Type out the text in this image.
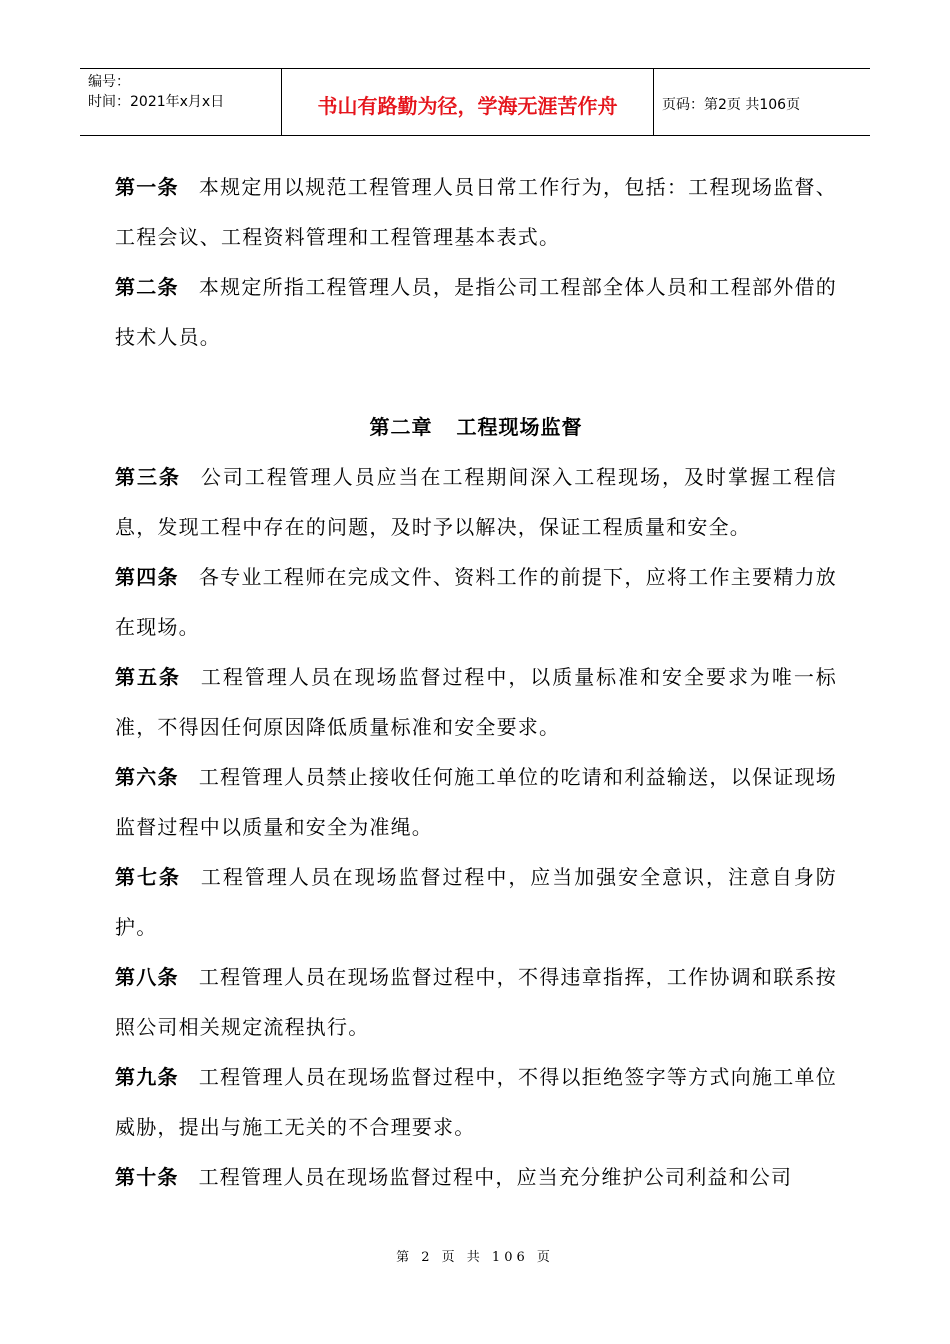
编号：
时间：2021年x月x日	书山有路勤为径，学海无涯苦作舟	页码：第2页 共106页
第一条 本规定用以规范工程管理人员日常工作行为，包括：工程现场监督、工程会议、工程资料管理和工程管理基本表式。
第二条 本规定所指工程管理人员，是指公司工程部全体人员和工程部外借的技术人员。
第二章 工程现场监督
第三条 公司工程管理人员应当在工程期间深入工程现场，及时掌握工程信息，发现工程中存在的问题，及时予以解决，保证工程质量和安全。
第四条 各专业工程师在完成文件、资料工作的前提下，应将工作主要精力放在现场。
第五条 工程管理人员在现场监督过程中，以质量标准和安全要求为唯一标准，不得因任何原因降低质量标准和安全要求。
第六条 工程管理人员禁止接收任何施工单位的吃请和利益输送，以保证现场监督过程中以质量和安全为准绳。
第七条 工程管理人员在现场监督过程中，应当加强安全意识，注意自身防护。
第八条 工程管理人员在现场监督过程中，不得违章指挥，工作协调和联系按照公司相关规定流程执行。
第九条 工程管理人员在现场监督过程中，不得以拒绝签字等方式向施工单位威胁，提出与施工无关的不合理要求。
第十条 工程管理人员在现场监督过程中，应当充分维护公司利益和公司
第 2 页 共 106 页
